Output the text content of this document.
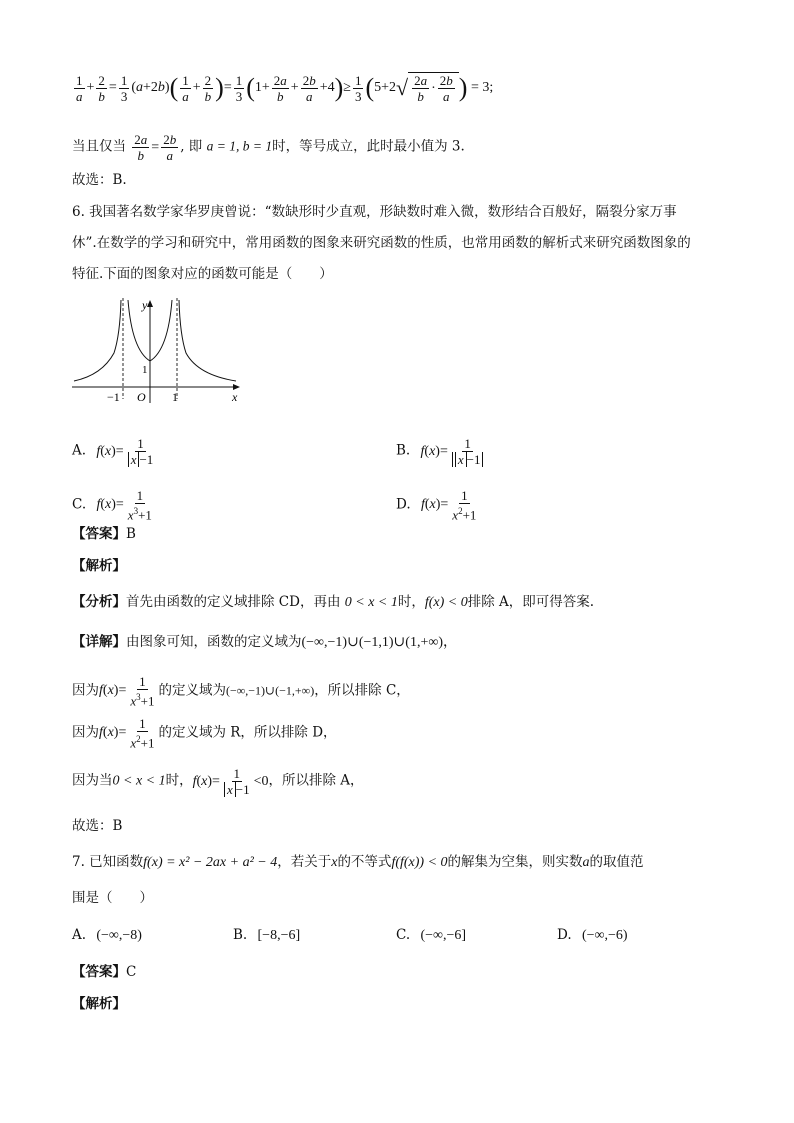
$\frac{1}{a} + \frac{2}{b} = \frac{1}{3} (a+2b)( \frac{1}{a} + \frac{2}{b}$ )= $\frac{1}{3} (1+ \frac{2a}{b} + \frac{2b}{a} +4)\ge \frac{1}{3} (5+2$ √ $\frac{2a}{b} \cdot \frac{2b}{a}$ ) = 3;
当且仅当 $\frac{2a}{b} = \frac{2b}{a}$ , 即 a = 1, b = 1时，等号成立，此时最小值为 3.
故选：B.
6. 我国著名数学家华罗庚曾说：“数缺形时少直观，形缺数时难入微，数形结合百般好，隔裂分家万事
休”.在数学的学习和研究中，常用函数的图象来研究函数的性质，也常用函数的解析式来研究函数图象的
特征.下面的图象对应的函数可能是（　　）
y
x
O
−1	1
1
A. $f(x)= \frac{1}{x -1}$	B. $f(x)= \frac{1}{x -1}$
C. $f(x)= \frac{1}{x^3+1}$	D. $f(x)= \frac{1}{x^2+1}$
【答案】B
【解析】
【分析】首先由函数的定义域排除 CD，再由 0 < x < 1时，f(x) < 0排除 A，即可得答案.
【详解】由图象可知，函数的定义域为(−∞,−1)∪(−1,1)∪(1,+∞)，
因为$f(x)= \frac{1}{x^3+1}$ 的定义域为(−∞,−1)∪(−1,+∞)，所以排除 C，
因为$f(x)= \frac{1}{x^2+1}$ 的定义域为 R，所以排除 D，
因为当0 < x < 1时，$f(x)= \frac{1}{x -1} <0$，所以排除 A，
故选：B
7. 已知函数f(x) = x² − 2ax + a² − 4，若关于x的不等式f(f(x)) < 0的解集为空集，则实数a的取值范
围是（　　）
A. (−∞,−8)	B. [−8,−6]	C. (−∞,−6]	D. (−∞,−6)
【答案】C
【解析】
